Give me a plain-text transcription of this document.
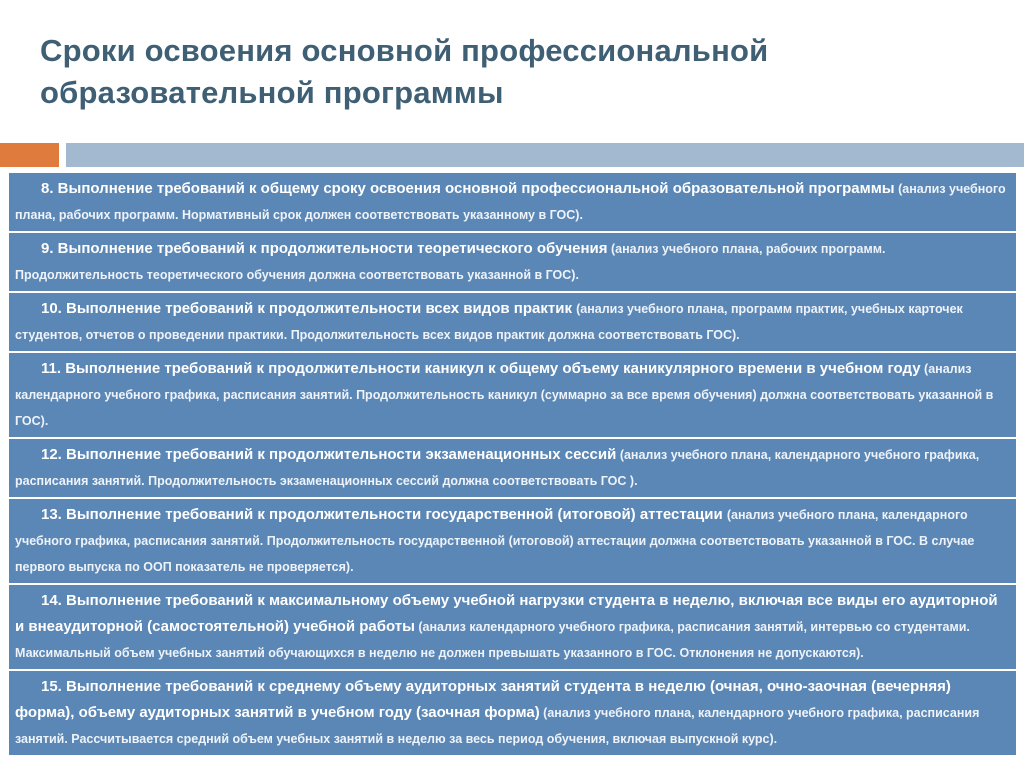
Сроки освоения основной профессиональной
образовательной программы
8. Выполнение требований к общему сроку освоения основной профессиональной образовательной программы (анализ учебного плана, рабочих программ. Нормативный срок должен соответствовать указанному в ГОС).
9. Выполнение требований к продолжительности теоретического обучения (анализ учебного плана, рабочих программ. Продолжительность теоретического обучения должна соответствовать указанной в ГОС).
10. Выполнение требований к продолжительности всех видов практик (анализ учебного плана, программ практик, учебных карточек студентов, отчетов о проведении практики. Продолжительность всех видов практик должна соответствовать ГОС).
11. Выполнение требований к продолжительности каникул к общему объему каникулярного времени в учебном году (анализ календарного учебного графика, расписания занятий. Продолжительность каникул (суммарно за все время обучения) должна соответствовать указанной в ГОС).
12. Выполнение требований к продолжительности экзаменационных сессий (анализ учебного плана, календарного учебного графика, расписания занятий. Продолжительность экзаменационных сессий должна соответствовать ГОС ).
13. Выполнение требований к продолжительности государственной (итоговой) аттестации (анализ учебного плана, календарного учебного графика, расписания занятий. Продолжительность государственной (итоговой) аттестации должна соответствовать указанной в ГОС. В случае первого выпуска по ООП показатель не проверяется).
14. Выполнение требований к максимальному объему учебной нагрузки студента в неделю, включая все виды его аудиторной и внеаудиторной (самостоятельной) учебной работы (анализ календарного учебного графика, расписания занятий, интервью со студентами. Максимальный объем учебных занятий обучающихся в неделю не должен превышать указанного в ГОС. Отклонения не допускаются).
15. Выполнение требований к среднему объему аудиторных занятий студента в неделю (очная, очно-заочная (вечерняя) форма), объему аудиторных занятий в учебном году (заочная форма) (анализ учебного плана, календарного учебного графика, расписания занятий. Рассчитывается средний объем учебных занятий в неделю за весь период обучения, включая выпускной курс).
